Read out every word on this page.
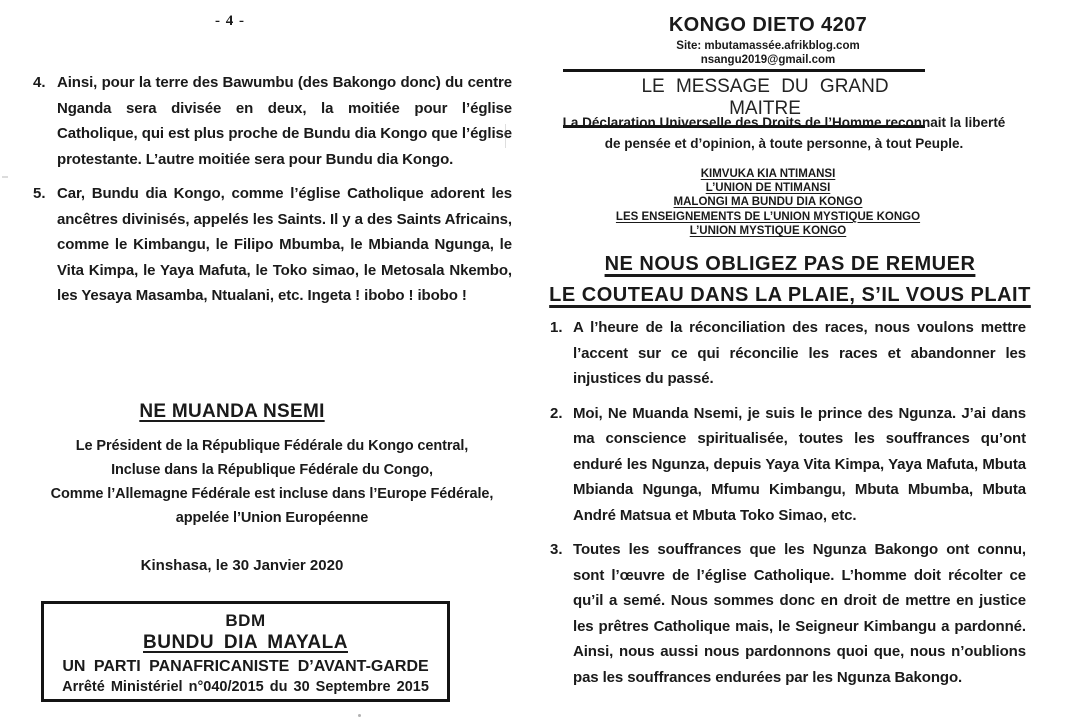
- 4 -
4. Ainsi, pour la terre des Bawumbu (des Bakongo donc) du centre Nganda sera divisée en deux, la moitiée pour l’église Catholique, qui est plus proche de Bundu dia Kongo que l’église protestante. L’autre moitiée sera pour Bundu dia Kongo.

5. Car, Bundu dia Kongo, comme l’église Catholique adorent les ancêtres divinisés, appelés les Saints. Il y a des Saints Africains, comme le Kimbangu, le Filipo Mbumba, le Mbianda Ngunga, le Vita Kimpa, le Yaya Mafuta, le Toko simao, le Metosala Nkembo, les Yesaya Masamba, Ntualani, etc. Ingeta ! ibobo ! ibobo !

NE MUANDA NSEMI
Le Président de la République Fédérale du Kongo central,
Incluse dans la République Fédérale du Congo,
Comme l’Allemagne Fédérale est incluse dans l’Europe Fédérale,
appelée l’Union Européenne
Kinshasa, le 30 Janvier 2020
BDM
BUNDU DIA MAYALA
UN PARTI PANAFRICANISTE D’AVANT-GARDE
Arrêté Ministériel n°040/2015 du 30 Septembre 2015
KONGO DIETO 4207
Site: mbutamassée.afrikblog.com
nsangu2019@gmail.com
LE MESSAGE DU GRAND MAITRE
La Déclaration Universelle des Droits de l’Homme reconnait la liberté
de pensée et d’opinion, à toute personne, à tout Peuple.
KIMVUKA KIA NTIMANSI
L’UNION DE NTIMANSI
MALONGI MA BUNDU DIA KONGO
LES ENSEIGNEMENTS DE L’UNION MYSTIQUE KONGO
L’UNION MYSTIQUE KONGO
NE NOUS OBLIGEZ PAS DE REMUER
LE COUTEAU DANS LA PLAIE, S’IL VOUS PLAIT
1. A l’heure de la réconciliation des races, nous voulons mettre l’accent sur ce qui réconcilie les races et abandonner les injustices du passé.

2. Moi, Ne Muanda Nsemi, je suis le prince des Ngunza. J’ai dans ma conscience spiritualisée, toutes les souffrances qu’ont enduré les Ngunza, depuis Yaya Vita Kimpa, Yaya Mafuta, Mbuta Mbianda Ngunga, Mfumu Kimbangu, Mbuta Mbumba, Mbuta André Matsua et Mbuta Toko Simao, etc.

3. Toutes les souffrances que les Ngunza Bakongo ont connu, sont l’œuvre de l’église Catholique. L’homme doit récolter ce qu’il a semé. Nous sommes donc en droit de mettre en justice les prêtres Catholique mais, le Seigneur Kimbangu a pardonné. Ainsi, nous aussi nous pardonnons quoi que, nous n’oublions pas les souffrances endurées par les Ngunza Bakongo.
